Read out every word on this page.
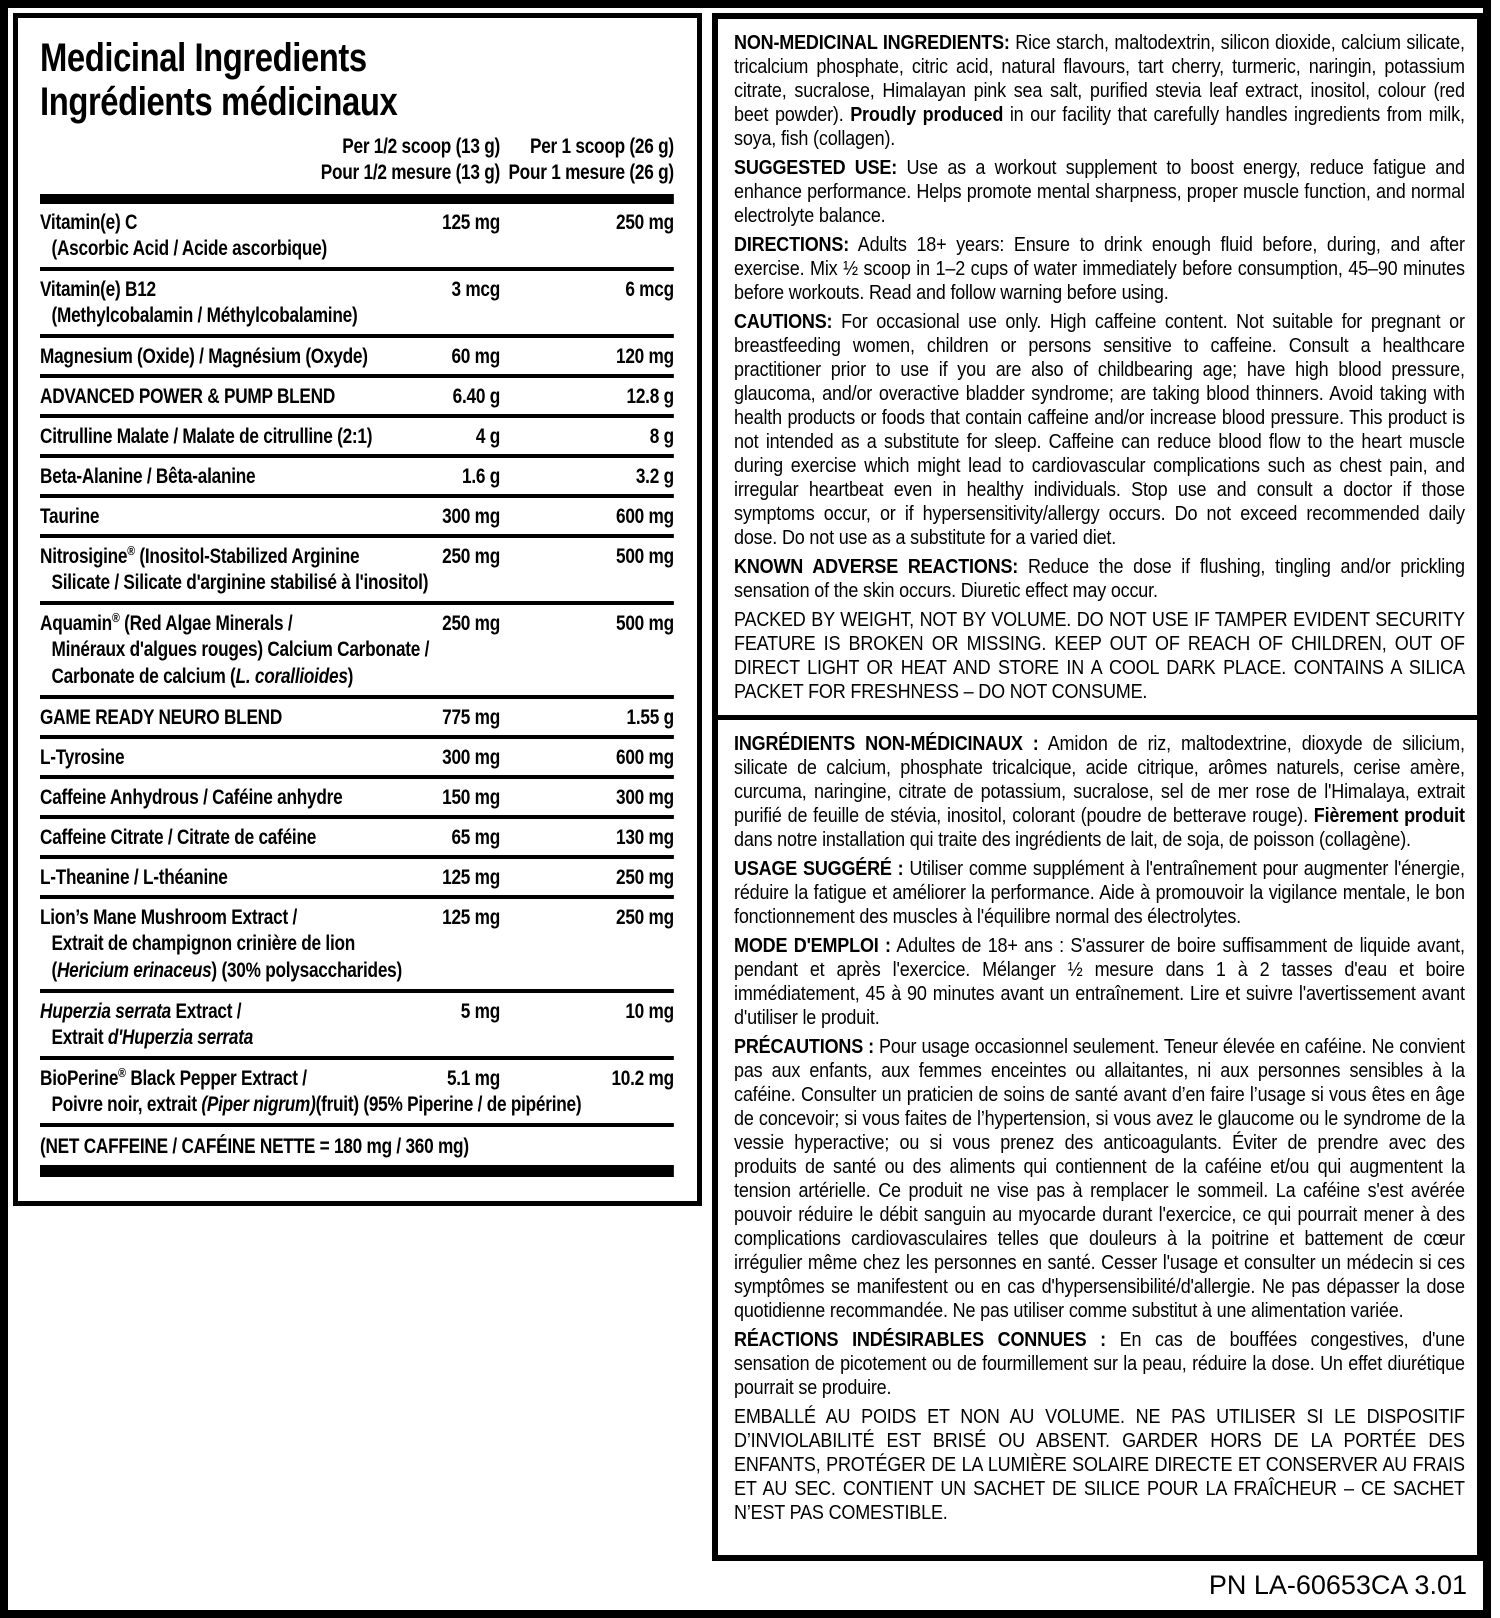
Medicinal Ingredients
Ingrédients médicinaux
Per 1/2 scoop (13 g)
Pour 1/2 mesure (13 g)
Per 1 scoop (26 g)
Pour 1 mesure (26 g)
Vitamin(e) C
(Ascorbic Acid / Acide ascorbique)
125 mg	250 mg
Vitamin(e) B12
(Methylcobalamin / Méthylcobalamine)
3 mcg	6 mcg
Magnesium (Oxide) / Magnésium (Oxyde)	60 mg	120 mg
ADVANCED POWER & PUMP BLEND	6.40 g	12.8 g
Citrulline Malate / Malate de citrulline (2:1)	4 g	8 g
Beta-Alanine / Bêta-alanine	1.6 g	3.2 g
Taurine	300 mg	600 mg
Nitrosigine® (Inositol-Stabilized Arginine
Silicate / Silicate d'arginine stabilisé à l'inositol)
250 mg	500 mg
Aquamin® (Red Algae Minerals /
Minéraux d'algues rouges) Calcium Carbonate /
Carbonate de calcium (L. corallioides)
250 mg	500 mg
GAME READY NEURO BLEND	775 mg	1.55 g
L-Tyrosine	300 mg	600 mg
Caffeine Anhydrous / Caféine anhydre	150 mg	300 mg
Caffeine Citrate / Citrate de caféine	65 mg	130 mg
L-Theanine / L-théanine	125 mg	250 mg
Lion’s Mane Mushroom Extract /
Extrait de champignon crinière de lion
(Hericium erinaceus) (30% polysaccharides)
125 mg	250 mg
Huperzia serrata Extract /
Extrait d'Huperzia serrata
5 mg	10 mg
BioPerine® Black Pepper Extract /
Poivre noir, extrait (Piper nigrum)(fruit) (95% Piperine / de pipérine)
5.1 mg	10.2 mg
(NET CAFFEINE / CAFÉINE NETTE = 180 mg / 360 mg)

NON-MEDICINAL INGREDIENTS: Rice starch, maltodextrin, silicon dioxide, calcium silicate, tricalcium phosphate, citric acid, natural flavours, tart cherry, turmeric, naringin, potassium citrate, sucralose, Himalayan pink sea salt, purified stevia leaf extract, inositol, colour (red beet powder). Proudly produced in our facility that carefully handles ingredients from milk, soya, fish (collagen).

SUGGESTED USE: Use as a workout supplement to boost energy, reduce fatigue and enhance performance. Helps promote mental sharpness, proper muscle function, and normal electrolyte balance.

DIRECTIONS: Adults 18+ years: Ensure to drink enough fluid before, during, and after exercise. Mix ½ scoop in 1–2 cups of water immediately before consumption, 45–90 minutes before workouts. Read and follow warning before using.

CAUTIONS: For occasional use only. High caffeine content. Not suitable for pregnant or breastfeeding women, children or persons sensitive to caffeine. Consult a healthcare practitioner prior to use if you are also of childbearing age; have high blood pressure, glaucoma, and/or overactive bladder syndrome; are taking blood thinners. Avoid taking with health products or foods that contain caffeine and/or increase blood pressure. This product is not intended as a substitute for sleep. Caffeine can reduce blood flow to the heart muscle during exercise which might lead to cardiovascular complications such as chest pain, and irregular heartbeat even in healthy individuals. Stop use and consult a doctor if those symptoms occur, or if hypersensitivity/allergy occurs. Do not exceed recommended daily dose. Do not use as a substitute for a varied diet.

KNOWN ADVERSE REACTIONS: Reduce the dose if flushing, tingling and/or prickling sensation of the skin occurs. Diuretic effect may occur.

PACKED BY WEIGHT, NOT BY VOLUME. DO NOT USE IF TAMPER EVIDENT SECURITY FEATURE IS BROKEN OR MISSING. KEEP OUT OF REACH OF CHILDREN, OUT OF DIRECT LIGHT OR HEAT AND STORE IN A COOL DARK PLACE. CONTAINS A SILICA PACKET FOR FRESHNESS – DO NOT CONSUME.

INGRÉDIENTS NON-MÉDICINAUX : Amidon de riz, maltodextrine, dioxyde de silicium, silicate de calcium, phosphate tricalcique, acide citrique, arômes naturels, cerise amère, curcuma, naringine, citrate de potassium, sucralose, sel de mer rose de l'Himalaya, extrait purifié de feuille de stévia, inositol, colorant (poudre de betterave rouge). Fièrement produit dans notre installation qui traite des ingrédients de lait, de soja, de poisson (collagène).

USAGE SUGGÉRÉ : Utiliser comme supplément à l'entraînement pour augmenter l'énergie, réduire la fatigue et améliorer la performance. Aide à promouvoir la vigilance mentale, le bon fonctionnement des muscles à l'équilibre normal des électrolytes.

MODE D'EMPLOI : Adultes de 18+ ans : S'assurer de boire suffisamment de liquide avant, pendant et après l'exercice. Mélanger ½ mesure dans 1 à 2 tasses d'eau et boire immédiatement, 45 à 90 minutes avant un entraînement. Lire et suivre l'avertissement avant d'utiliser le produit.

PRÉCAUTIONS : Pour usage occasionnel seulement. Teneur élevée en caféine. Ne convient pas aux enfants, aux femmes enceintes ou allaitantes, ni aux personnes sensibles à la caféine. Consulter un praticien de soins de santé avant d’en faire l’usage si vous êtes en âge de concevoir; si vous faites de l’hypertension, si vous avez le glaucome ou le syndrome de la vessie hyperactive; ou si vous prenez des anticoagulants. Éviter de prendre avec des produits de santé ou des aliments qui contiennent de la caféine et/ou qui augmentent la tension artérielle. Ce produit ne vise pas à remplacer le sommeil. La caféine s'est avérée pouvoir réduire le débit sanguin au myocarde durant l'exercice, ce qui pourrait mener à des complications cardiovasculaires telles que douleurs à la poitrine et battement de cœur irrégulier même chez les personnes en santé. Cesser l'usage et consulter un médecin si ces symptômes se manifestent ou en cas d'hypersensibilité/d'allergie. Ne pas dépasser la dose quotidienne recommandée. Ne pas utiliser comme substitut à une alimentation variée.

RÉACTIONS INDÉSIRABLES CONNUES : En cas de bouffées congestives, d'une sensation de picotement ou de fourmillement sur la peau, réduire la dose. Un effet diurétique pourrait se produire.

EMBALLÉ AU POIDS ET NON AU VOLUME. NE PAS UTILISER SI LE DISPOSITIF D’INVIOLABILITÉ EST BRISÉ OU ABSENT. GARDER HORS DE LA PORTÉE DES ENFANTS, PROTÉGER DE LA LUMIÈRE SOLAIRE DIRECTE ET CONSERVER AU FRAIS ET AU SEC. CONTIENT UN SACHET DE SILICE POUR LA FRAÎCHEUR – CE SACHET N’EST PAS COMESTIBLE.

PN LA-60653CA 3.01
